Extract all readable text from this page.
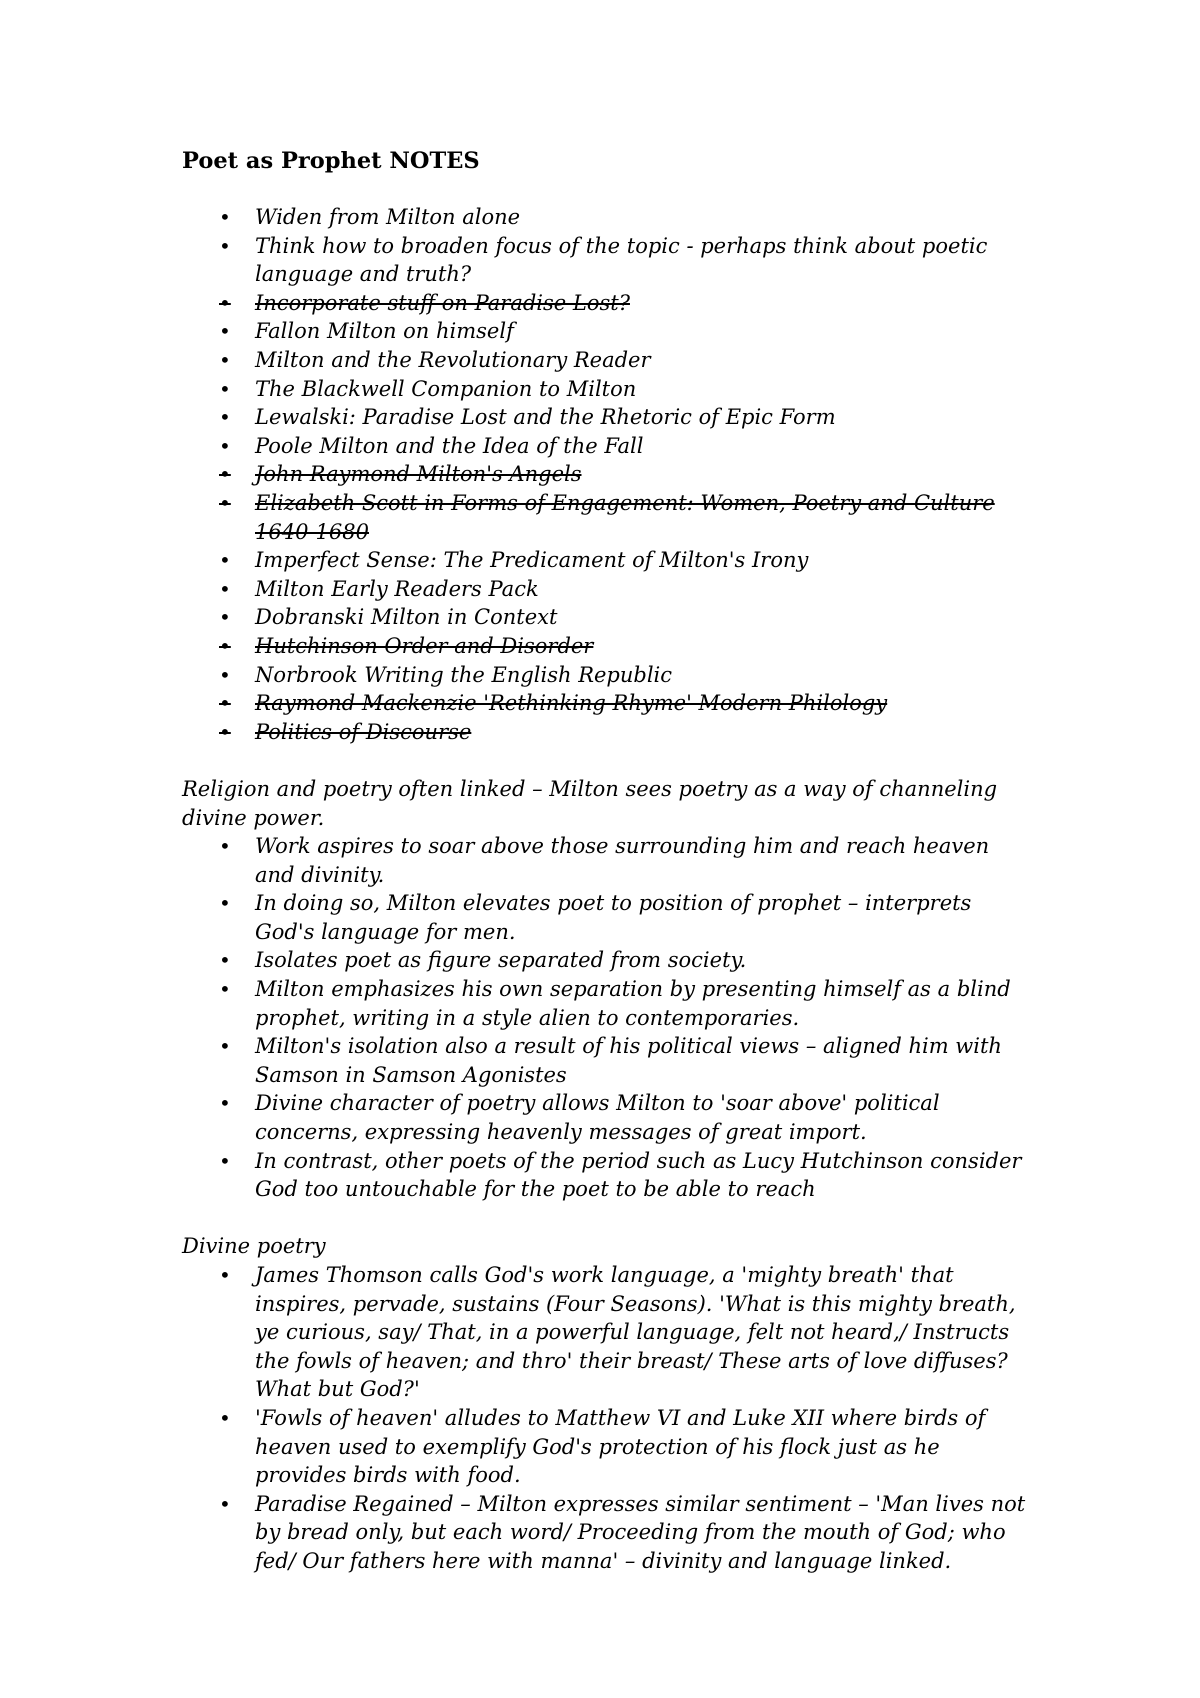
Poet as Prophet NOTES
• Widen from Milton alone
• Think how to broaden focus of the topic - perhaps think about poetic language and truth?
• Incorporate stuff on Paradise Lost?
• Fallon Milton on himself
• Milton and the Revolutionary Reader
• The Blackwell Companion to Milton
• Lewalski: Paradise Lost and the Rhetoric of Epic Form
• Poole Milton and the Idea of the Fall
• John Raymond Milton's Angels
• Elizabeth Scott in Forms of Engagement: Women, Poetry and Culture 1640-1680
• Imperfect Sense: The Predicament of Milton's Irony
• Milton Early Readers Pack
• Dobranski Milton in Context
• Hutchinson Order and Disorder
• Norbrook Writing the English Republic
• Raymond Mackenzie 'Rethinking Rhyme' Modern Philology
• Politics of Discourse

Religion and poetry often linked – Milton sees poetry as a way of channeling divine power.

• Work aspires to soar above those surrounding him and reach heaven and divinity.
• In doing so, Milton elevates poet to position of prophet – interprets God's language for men.
• Isolates poet as figure separated from society.
• Milton emphasizes his own separation by presenting himself as a blind prophet, writing in a style alien to contemporaries.
• Milton's isolation also a result of his political views – aligned him with Samson in Samson Agonistes
• Divine character of poetry allows Milton to 'soar above' political concerns, expressing heavenly messages of great import.
• In contrast, other poets of the period such as Lucy Hutchinson consider God too untouchable for the poet to be able to reach

Divine poetry

• James Thomson calls God's work language, a 'mighty breath' that inspires, pervade, sustains (Four Seasons). 'What is this mighty breath, ye curious, say/ That, in a powerful language, felt not heard,/ Instructs the fowls of heaven; and thro' their breast/ These arts of love diffuses? What but God?'
• 'Fowls of heaven' alludes to Matthew VI and Luke XII where birds of heaven used to exemplify God's protection of his flock just as he provides birds with food.
• Paradise Regained – Milton expresses similar sentiment – 'Man lives not by bread only, but each word/ Proceeding from the mouth of God; who fed/ Our fathers here with manna' – divinity and language linked.
